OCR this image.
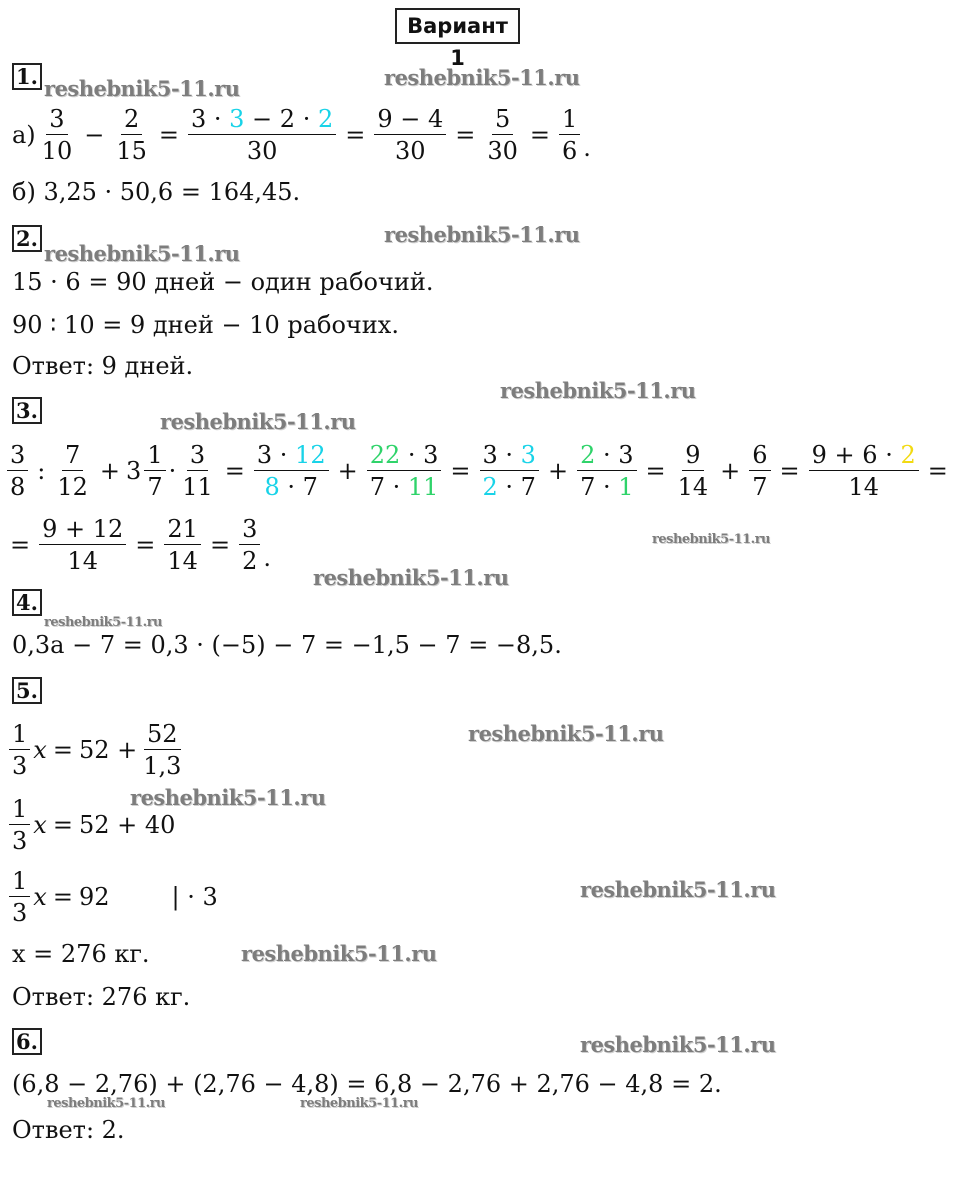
Вариант 1
reshebnik5-11.ru	reshebnik5-11.ru
reshebnik5-11.ru
reshebnik5-11.ru
reshebnik5-11.ru
reshebnik5-11.ru
reshebnik5-11.ru
reshebnik5-11.ru
reshebnik5-11.ru
reshebnik5-11.ru
reshebnik5-11.ru
reshebnik5-11.ru
reshebnik5-11.ru
reshebnik5-11.ru
reshebnik5-11.ru	reshebnik5-11.ru
1.
$а) \frac{3}{10} - \frac{2}{15} = \frac{3 \cdot 3 - 2 \cdot 2}{30} = \frac{9 - 4}{30} = \frac{5}{30} = \frac{1}{6}$ .
б) 3,25 · 50,6 = 164,45.
2.
15 · 6 = 90 дней − один рабочий.
90 ∶ 10 = 9 дней − 10 рабочих.
Ответ: 9 дней.
3.
$\frac{3}{8}$ : $\frac{7}{12} + 3 \frac{1}{7} \cdot \frac{3}{11} = \frac{3 \cdot 12}{8 \cdot 7} + \frac{22 \cdot 3}{7 \cdot 11} = \frac{3 \cdot 3}{2 \cdot 7} + \frac{2 \cdot 3}{7 \cdot 1} = \frac{9}{14} + \frac{6}{7} = \frac{9 + 6 \cdot 2}{14}$ =
= $\frac{9 + 12}{14} = \frac{21}{14} = \frac{3}{2}$ .
4.
0,3a − 7 = 0,3 · (−5) − 7 = −1,5 − 7 = −8,5.
5.
$\frac{1}{3}$ $x = 52 + \frac{52}{1,3}$
$\frac{1}{3}$ x = 52 + 40
$\frac{1}{3}$ x = 92	| · 3
x = 276 кг.
Ответ: 276 кг.
6.
(6,8 − 2,76) + (2,76 − 4,8) = 6,8 − 2,76 + 2,76 − 4,8 = 2.
Ответ: 2.
